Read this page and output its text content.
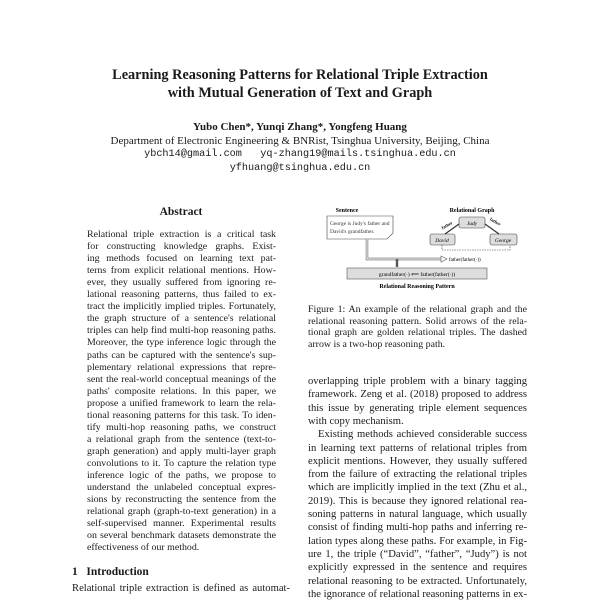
Learning Reasoning Patterns for Relational Triple Extraction
with Mutual Generation of Text and Graph
Yubo Chen*, Yunqi Zhang*, Yongfeng Huang
Department of Electronic Engineering & BNRist, Tsinghua University, Beijing, China
ybch14@gmail.com   yq-zhang19@mails.tsinghua.edu.cn
yfhuang@tsinghua.edu.cn
Abstract
Relational triple extraction is a critical task
for constructing knowledge graphs. Exist-
ing methods focused on learning text pat-
terns from explicit relational mentions. How-
ever, they usually suffered from ignoring re-
lational reasoning patterns, thus failed to ex-
tract the implicitly implied triples. Fortunately,
the graph structure of a sentence's relational
triples can help find multi-hop reasoning paths.
Moreover, the type inference logic through the
paths can be captured with the sentence's sup-
plementary relational expressions that repre-
sent the real-world conceptual meanings of the
paths' composite relations. In this paper, we
propose a unified framework to learn the rela-
tional reasoning patterns for this task. To iden-
tify multi-hop reasoning paths, we construct
a relational graph from the sentence (text-to-
graph generation) and apply multi-layer graph
convolutions to it. To capture the relation type
inference logic of the paths, we propose to
understand the unlabeled conceptual expres-
sions by reconstructing the sentence from the
relational graph (graph-to-text generation) in a
self-supervised manner. Experimental results
on several benchmark datasets demonstrate the
effectiveness of our method.
1 Introduction
Relational triple extraction is defined as automat-
Sentence
George is Judy's father and
David's grandfather.
Relational Graph
Judy
David	George
father	father
father(father(·))
grandfather(·) ⟸ father(father(·))
Relational Reasoning Pattern
Figure 1: An example of the relational graph and the
relational reasoning pattern. Solid arrows of the rela-
tional graph are golden relational triples. The dashed
arrow is a two-hop reasoning path.
overlapping triple problem with a binary tagging
framework. Zeng et al. (2018) proposed to address
this issue by generating triple element sequences
with copy mechanism.
Existing methods achieved considerable success
in learning text patterns of relational triples from
explicit mentions. However, they usually suffered
from the failure of extracting the relational triples
which are implicitly implied in the text (Zhu et al.,
2019). This is because they ignored relational rea-
soning patterns in natural language, which usually
consist of finding multi-hop paths and inferring re-
lation types along these paths. For example, in Fig-
ure 1, the triple (“David”, “father”, “Judy”) is not
explicitly expressed in the sentence and requires
relational reasoning to be extracted. Unfortunately,
the ignorance of relational reasoning patterns in ex-
